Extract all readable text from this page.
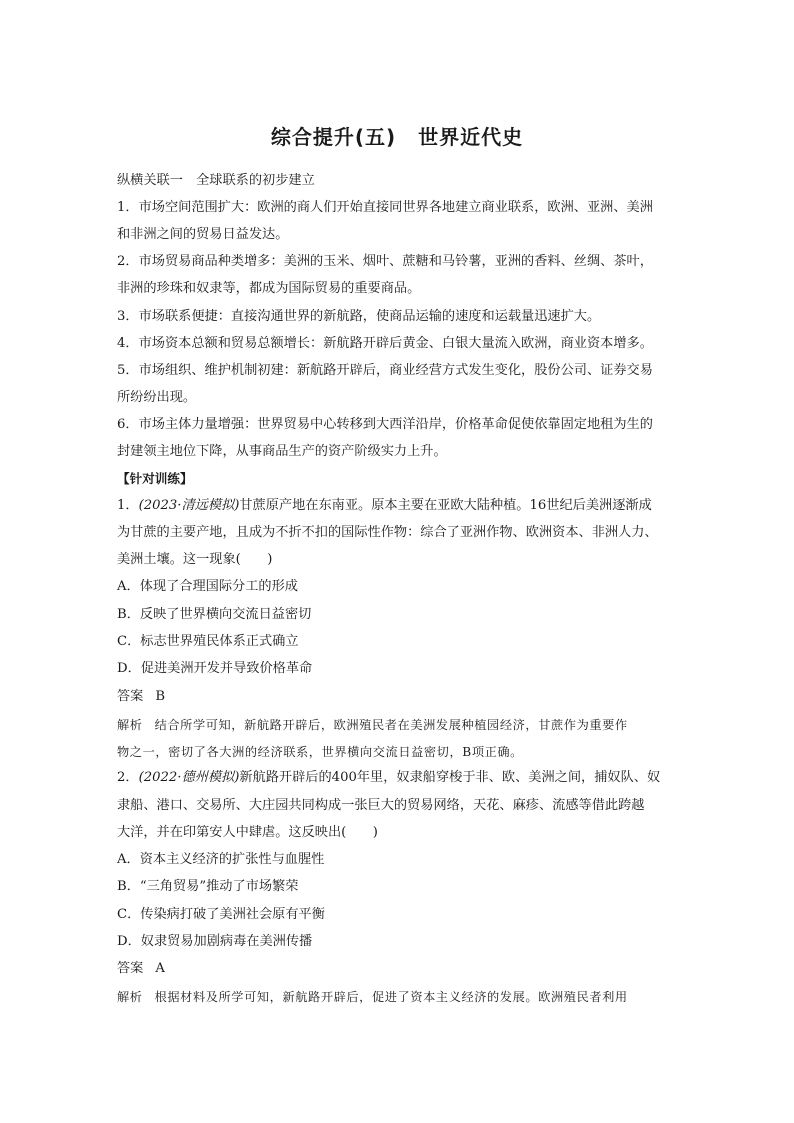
综合提升(五) 世界近代史
纵横关联一　全球联系的初步建立
1．市场空间范围扩大：欧洲的商人们开始直接同世界各地建立商业联系，欧洲、亚洲、美洲
和非洲之间的贸易日益发达。
2．市场贸易商品种类增多：美洲的玉米、烟叶、蔗糖和马铃薯，亚洲的香料、丝绸、茶叶，
非洲的珍珠和奴隶等，都成为国际贸易的重要商品。
3．市场联系便捷：直接沟通世界的新航路，使商品运输的速度和运载量迅速扩大。
4．市场资本总额和贸易总额增长：新航路开辟后黄金、白银大量流入欧洲，商业资本增多。
5．市场组织、维护机制初建：新航路开辟后，商业经营方式发生变化，股份公司、证券交易
所纷纷出现。
6．市场主体力量增强：世界贸易中心转移到大西洋沿岸，价格革命促使依靠固定地租为生的
封建领主地位下降，从事商品生产的资产阶级实力上升。
【针对训练】
1．(2023·清远模拟)甘蔗原产地在东南亚。原本主要在亚欧大陆种植。16世纪后美洲逐渐成
为甘蔗的主要产地，且成为不折不扣的国际性作物：综合了亚洲作物、欧洲资本、非洲人力、
美洲土壤。这一现象(　　)
A．体现了合理国际分工的形成
B．反映了世界横向交流日益密切
C．标志世界殖民体系正式确立
D．促进美洲开发并导致价格革命
答案 B
解析 结合所学可知，新航路开辟后，欧洲殖民者在美洲发展种植园经济，甘蔗作为重要作
物之一，密切了各大洲的经济联系，世界横向交流日益密切，B项正确。
2．(2022·德州模拟)新航路开辟后的400年里，奴隶船穿梭于非、欧、美洲之间，捕奴队、奴
隶船、港口、交易所、大庄园共同构成一张巨大的贸易网络，天花、麻疹、流感等借此跨越
大洋，并在印第安人中肆虐。这反映出(　　)
A．资本主义经济的扩张性与血腥性
B．“三角贸易”推动了市场繁荣
C．传染病打破了美洲社会原有平衡
D．奴隶贸易加剧病毒在美洲传播
答案 A
解析 根据材料及所学可知，新航路开辟后，促进了资本主义经济的发展。欧洲殖民者利用
